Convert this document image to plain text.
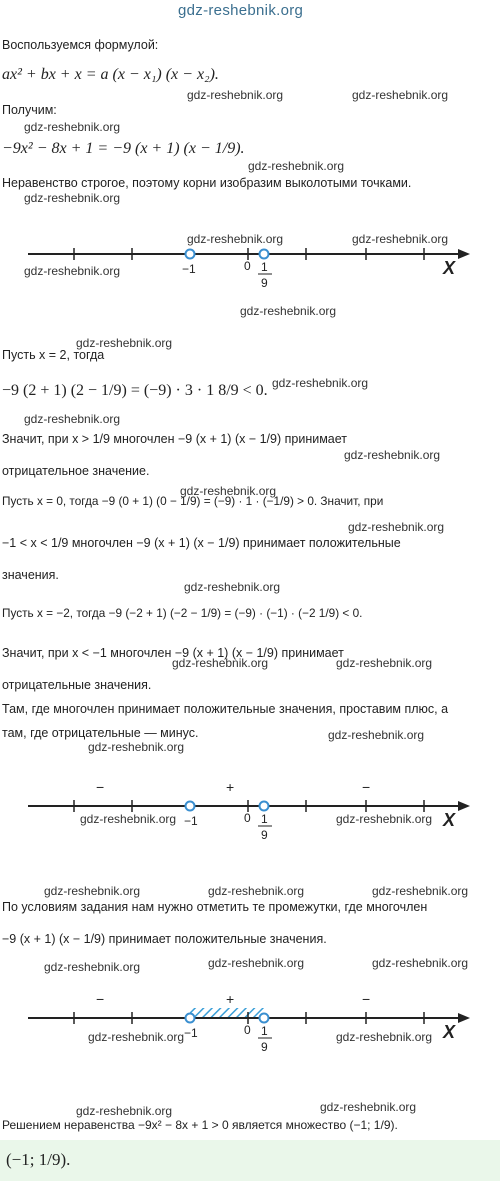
gdz-reshebnik.org
Воспользуемся формулой:
ax² + bx + x = a (x − x₁) (x − x₂).
gdz-reshebnik.org	gdz-reshebnik.org
Получим:
gdz-reshebnik.org
−9x² − 8x + 1 = −9 (x + 1) (x − 1/9).
gdz-reshebnik.org
Неравенство строгое, поэтому корни изобразим выколотыми точками.
gdz-reshebnik.org
−1	0 1
9
X
gdz-reshebnik.org	gdz-reshebnik.org
gdz-reshebnik.org
gdz-reshebnik.org
gdz-reshebnik.org
Пусть x = 2, тогда
−9 (2 + 1) (2 − 1/9) = (−9) · 3 · 1 8/9 < 0. gdz-reshebnik.org
gdz-reshebnik.org
Значит, при x > 1/9 многочлен −9 (x + 1) (x − 1/9) принимает
gdz-reshebnik.org
отрицательное значение.
gdz-reshebnik.org
Пусть x = 0, тогда −9 (0 + 1) (0 − 1/9) = (−9) · 1 · (−1/9) > 0. Значит, при
gdz-reshebnik.org
−1 < x < 1/9 многочлен −9 (x + 1) (x − 1/9) принимает положительные
значения.
gdz-reshebnik.org
Пусть x = −2, тогда −9 (−2 + 1) (−2 − 1/9) = (−9) · (−1) · (−2 1/9) < 0.
Значит, при x < −1 многочлен −9 (x + 1) (x − 1/9) принимает
gdz-reshebnik.org	gdz-reshebnik.org
отрицательные значения.
Там, где многочлен принимает положительные значения, проставим плюс, а
там, где отрицательные — минус.	gdz-reshebnik.org
gdz-reshebnik.org
−	+	−
−1	0 1
9
X
gdz-reshebnik.org	gdz-reshebnik.org
gdz-reshebnik.org	gdz-reshebnik.org	gdz-reshebnik.org
По условиям задания нам нужно отметить те промежутки, где многочлен
−9 (x + 1) (x − 1/9) принимает положительные значения.
gdz-reshebnik.org	gdz-reshebnik.org	gdz-reshebnik.org
−	+	−
−1	0 1
9
X
gdz-reshebnik.org	gdz-reshebnik.org
gdz-reshebnik.org	gdz-reshebnik.org
Решением неравенства −9x² − 8x + 1 > 0 является множество (−1; 1/9).
(−1; 1/9).
